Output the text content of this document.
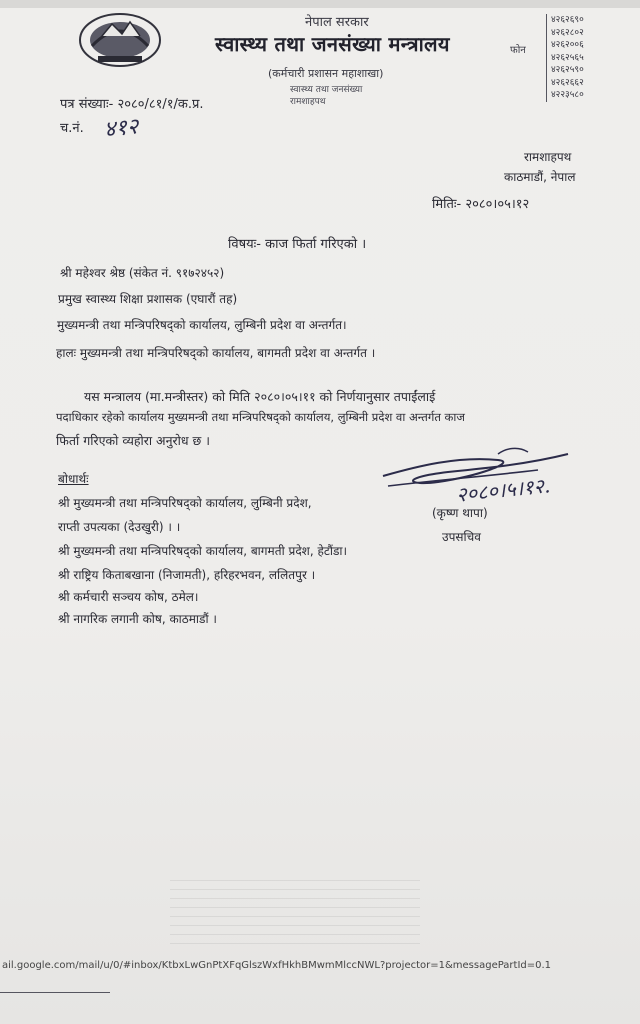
नेपाल सरकार
स्वास्थ्य तथा जनसंख्या मन्त्रालय
(कर्मचारी प्रशासन महाशाखा)
स्वास्थ्य तथा जनसंख्या
रामशाहपथ
फोन
४२६२६९०
४२६२८०२
४२६२००६
४२६२५६५
४२६२५९०
४२६२६६२
४२२३५८०
पत्र संख्याः- २०८०/८१/१/क.प्र.
च.नं. ४१२
रामशाहपथ
काठमाडौं, नेपाल
मितिः- २०८०।०५।१२
विषयः- काज फिर्ता गरिएको ।
श्री महेश्वर श्रेष्ठ (संकेत नं. ९१७२४५२)
प्रमुख स्वास्थ्य शिक्षा प्रशासक (एघारौं तह)
मुख्यमन्त्री तथा मन्त्रिपरिषद्को कार्यालय, लुम्बिनी प्रदेश वा अन्तर्गत।
हालः मुख्यमन्त्री तथा मन्त्रिपरिषद्को कार्यालय, बागमती प्रदेश वा अन्तर्गत ।
यस मन्त्रालय (मा.मन्त्रीस्तर) को मिति २०८०।०५।११ को निर्णयानुसार तपाईंलाई
पदाधिकार रहेको कार्यालय मुख्यमन्त्री तथा मन्त्रिपरिषद्को कार्यालय, लुम्बिनी प्रदेश वा अन्तर्गत काज
फिर्ता गरिएको व्यहोरा अनुरोध छ ।
२०८०।५।१२.
(कृष्ण थापा)
उपसचिव
बोधार्थः
श्री मुख्यमन्त्री तथा मन्त्रिपरिषद्को कार्यालय, लुम्बिनी प्रदेश,
राप्ती उपत्यका (देउखुरी) । ।
श्री मुख्यमन्त्री तथा मन्त्रिपरिषद्को कार्यालय, बागमती प्रदेश, हेटौंडा।
श्री राष्ट्रिय किताबखाना (निजामती), हरिहरभवन, ललितपुर ।
श्री कर्मचारी सञ्चय कोष, ठमेल।
श्री नागरिक लगानी कोष, काठमाडौं ।
ail.google.com/mail/u/0/#inbox/KtbxLwGnPtXFqGlszWxfHkhBMwmMlccNWL?projector=1&messagePartId=0.1
